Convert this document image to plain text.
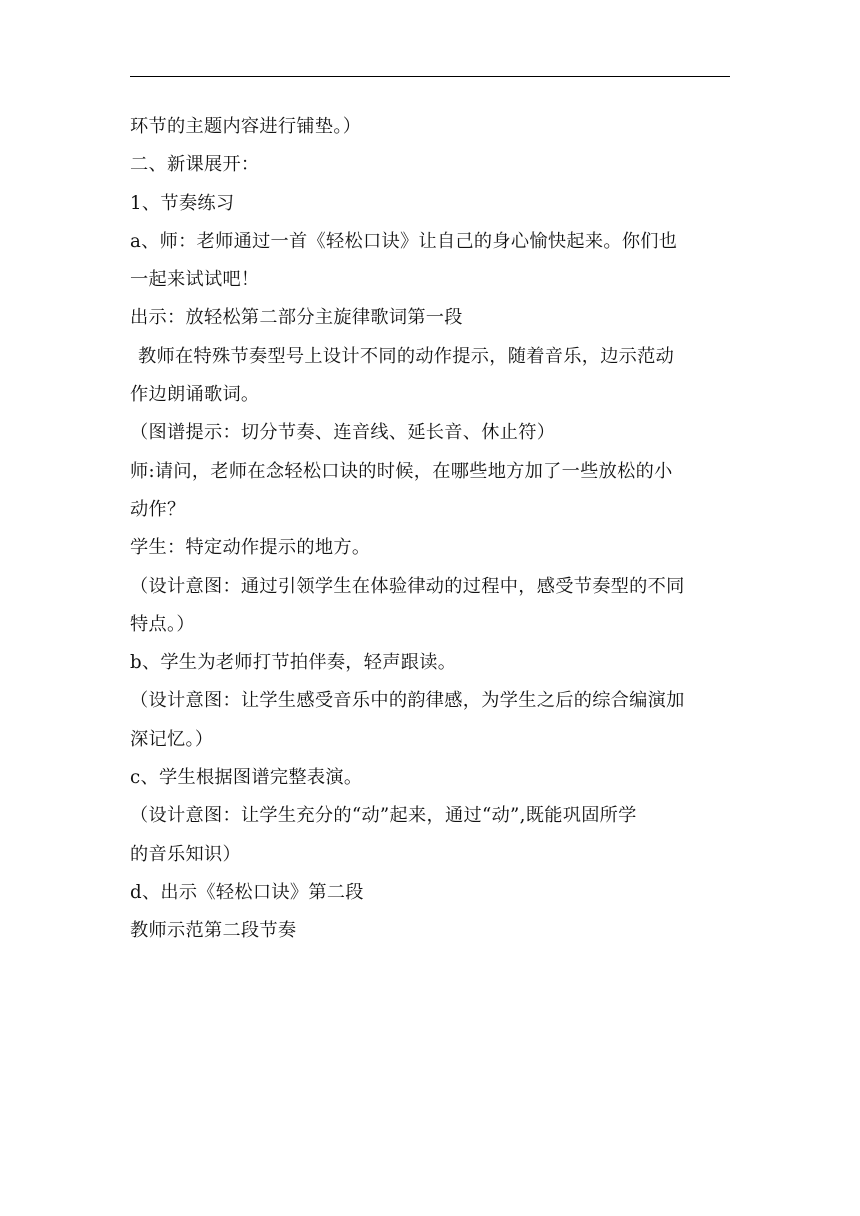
环节的主题内容进行铺垫。）
二、新课展开：
1、节奏练习
a、师：老师通过一首《轻松口诀》让自己的身心愉快起来。你们也
一起来试试吧！
出示：放轻松第二部分主旋律歌词第一段
教师在特殊节奏型号上设计不同的动作提示，随着音乐，边示范动
作边朗诵歌词。
（图谱提示：切分节奏、连音线、延长音、休止符）
师:请问，老师在念轻松口诀的时候，在哪些地方加了一些放松的小
动作？
学生：特定动作提示的地方。
（设计意图：通过引领学生在体验律动的过程中，感受节奏型的不同
特点。）
b、学生为老师打节拍伴奏，轻声跟读。
（设计意图：让学生感受音乐中的韵律感，为学生之后的综合编演加
深记忆。）
c、学生根据图谱完整表演。
（设计意图：让学生充分的“动”起来，通过“动”,既能巩固所学
的音乐知识）
d、出示《轻松口诀》第二段
教师示范第二段节奏
